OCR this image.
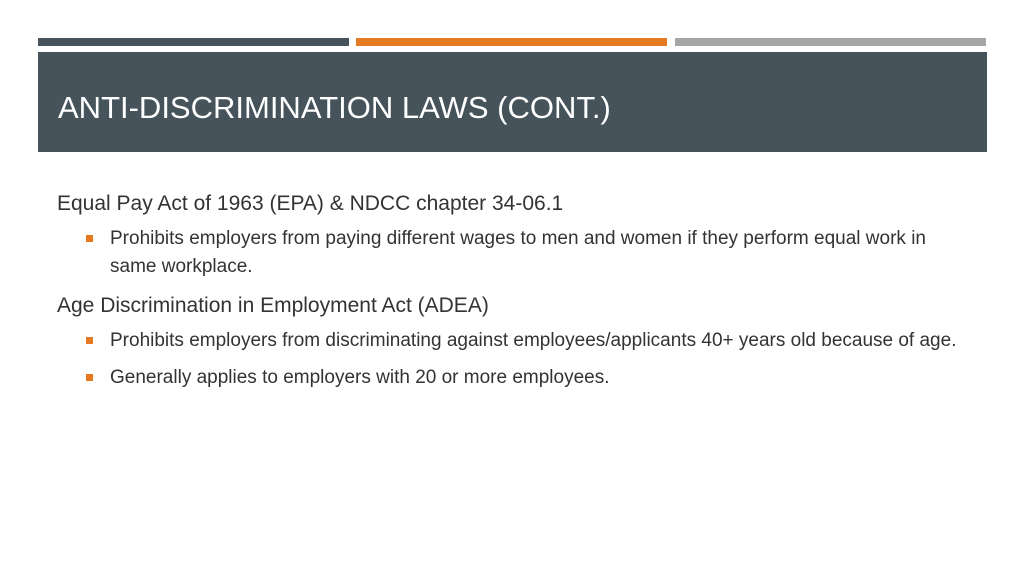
ANTI-DISCRIMINATION LAWS (CONT.)

Equal Pay Act of 1963 (EPA) & NDCC chapter 34-06.1

Prohibits employers from paying different wages to men and women if they perform equal work in same workplace.

Age Discrimination in Employment Act (ADEA)

Prohibits employers from discriminating against employees/applicants 40+ years old because of age.
Generally applies to employers with 20 or more employees.
